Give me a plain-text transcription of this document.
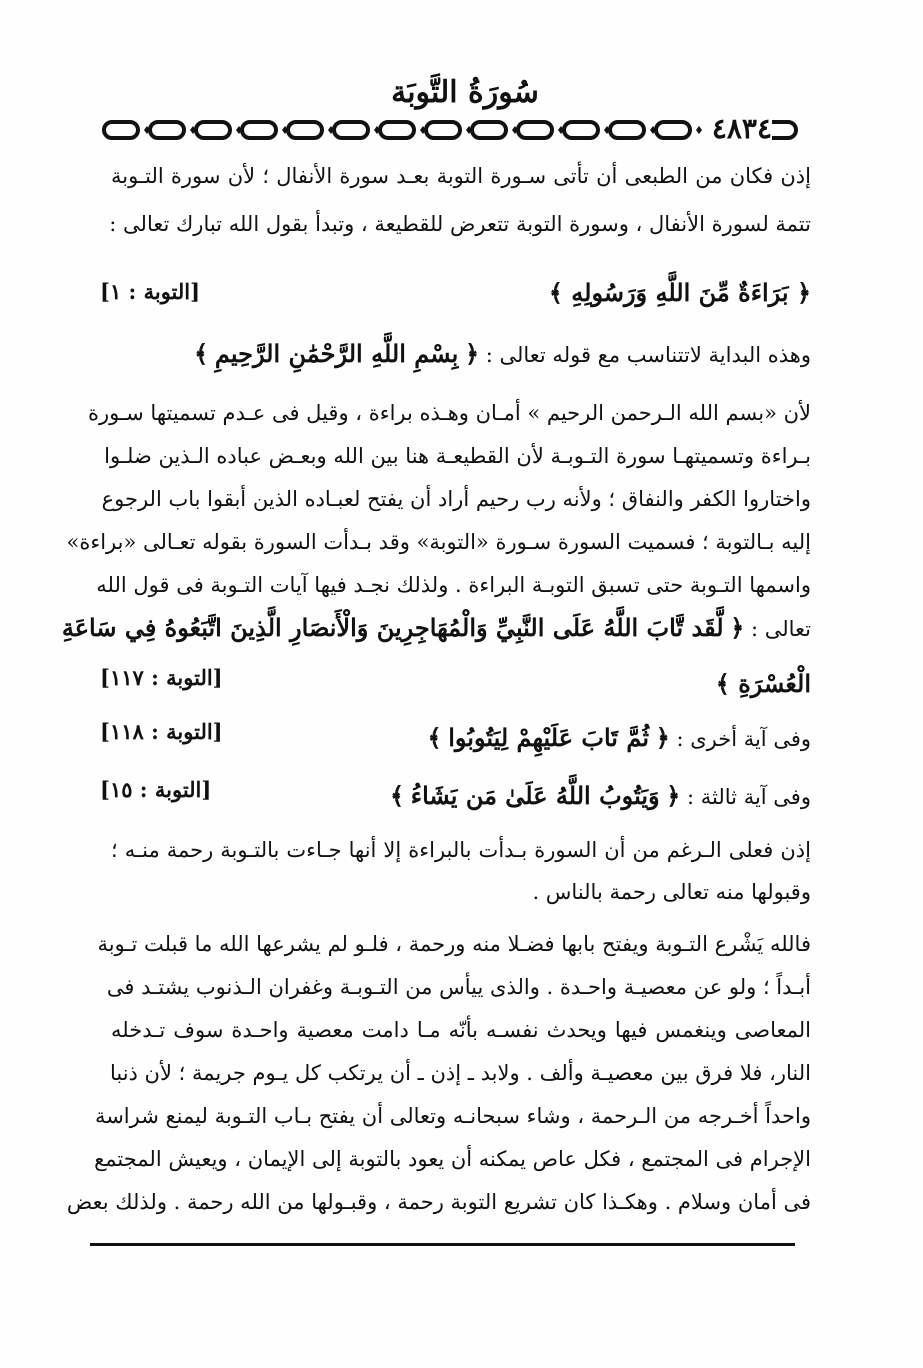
سُورَةُ التَّوبَة
٤٨٣٤
إذن فكان من الطبعى أن تأتى سـورة التوبة بعـد سورة الأنفال ؛ لأن سورة التـوبة
تتمة لسورة الأنفال ، وسورة التوبة تتعرض للقطيعة ، وتبدأ بقول الله تبارك تعالى :
﴿ بَرَاءَةٌ مِّنَ اللَّهِ وَرَسُولِهِ ﴾
[التوبة : ١]
وهذه البداية لاتتناسب مع قوله تعالى : ﴿ بِسْمِ اللَّهِ الرَّحْمَٰنِ الرَّحِيمِ ﴾
لأن «بسم الله الـرحمن الرحيم » أمـان وهـذه براءة ، وقيل فى عـدم تسميتها سـورة
بـراءة وتسميتهـا سورة التـوبـة لأن القطيعـة هنا بين الله وبعـض عباده الـذين ضلـوا
واختاروا الكفر والنفاق ؛ ولأنه رب رحيم أراد أن يفتح لعبـاده الذين أبقوا باب الرجوع
إليه بـالتوبة ؛ فسميت السورة سـورة «التوبة» وقد بـدأت السورة بقوله تعـالى «براءة»
واسمها التـوبة حتى تسبق التوبـة البراءة . ولذلك نجـد فيها آيات التـوبة فى قول الله
تعالى : ﴿ لَّقَد تَّابَ اللَّهُ عَلَى النَّبِيِّ وَالْمُهَاجِرِينَ وَالْأَنصَارِ الَّذِينَ اتَّبَعُوهُ فِي سَاعَةِ
الْعُسْرَةِ ﴾
[التوبة : ١١٧]
وفى آية أخرى : ﴿ ثُمَّ تَابَ عَلَيْهِمْ لِيَتُوبُوا ﴾
[التوبة : ١١٨]
وفى آية ثالثة : ﴿ وَيَتُوبُ اللَّهُ عَلَىٰ مَن يَشَاءُ ﴾
[التوبة : ١٥]
إذن فعلى الـرغم من أن السورة بـدأت بالبراءة إلا أنها جـاءت بالتـوبة رحمة منـه ؛
وقبولها منه تعالى رحمة بالناس .
فالله يَشْرع التـوبة ويفتح بابها فضـلا منه ورحمة ، فلـو لم يشرعها الله ما قبلت تـوبة
أبـداً ؛ ولو عن معصيـة واحـدة . والذى ييأس من التـوبـة وغفران الـذنوب يشتـد فى
المعاصى وينغمس فيها ويحدث نفسـه بأنّه مـا دامت معصية واحـدة سوف تـدخله
النار، فلا فرق بين معصيـة وألف . ولابد ـ إذن ـ أن يرتكب كل يـوم جريمة ؛ لأن ذنبا
واحداً أخـرجه من الـرحمة ، وشاء سبحانـه وتعالى أن يفتح بـاب التـوبة ليمنع شراسة
الإجرام فى المجتمع ، فكل عاص يمكنه أن يعود بالتوبة إلى الإيمان ، ويعيش المجتمع
فى أمان وسلام . وهكـذا كان تشريع التوبة رحمة ، وقبـولها من الله رحمة . ولذلك بعض
